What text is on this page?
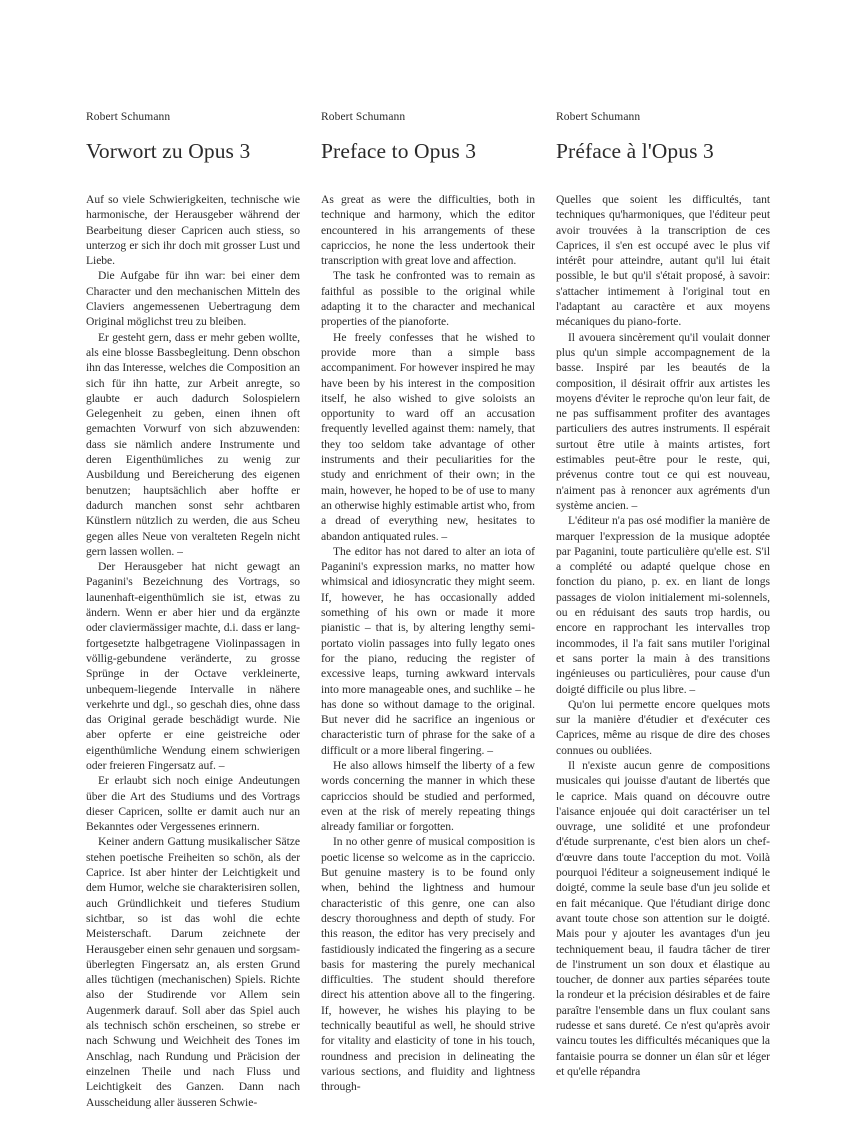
Robert Schumann
Vorwort zu Opus 3

Auf so viele Schwierigkeiten, technische wie harmonische, der Herausgeber während der Bearbeitung dieser Capricen auch stiess, so unterzog er sich ihr doch mit grosser Lust und Liebe.

Die Aufgabe für ihn war: bei einer dem Character und den mechanischen Mitteln des Claviers angemessenen Uebertragung dem Original möglichst treu zu bleiben.

Er gesteht gern, dass er mehr geben wollte, als eine blosse Bassbegleitung. Denn obschon ihn das Interesse, welches die Composition an sich für ihn hatte, zur Arbeit anregte, so glaubte er auch dadurch Solospielern Gelegenheit zu geben, einen ihnen oft gemachten Vorwurf von sich abzuwenden: dass sie nämlich andere Instrumente und deren Eigenthümliches zu wenig zur Ausbildung und Bereicherung des eigenen benutzen; hauptsächlich aber hoffte er dadurch manchen sonst sehr achtbaren Künstlern nützlich zu werden, die aus Scheu gegen alles Neue von veralteten Regeln nicht gern lassen wollen. –

Der Herausgeber hat nicht gewagt an Paganini's Bezeichnung des Vortrags, so launenhaft-eigenthümlich sie ist, etwas zu ändern. Wenn er aber hier und da ergänzte oder claviermässiger machte, d.i. dass er lang-fortgesetzte halbgetragene Violinpassagen in völlig-gebundene veränderte, zu grosse Sprünge in der Octave verkleinerte, unbequem-liegende Intervalle in nähere verkehrte und dgl., so geschah dies, ohne dass das Original gerade beschädigt wurde. Nie aber opferte er eine geistreiche oder eigenthümliche Wendung einem schwierigen oder freieren Fingersatz auf. –

Er erlaubt sich noch einige Andeutungen über die Art des Studiums und des Vortrags dieser Capricen, sollte er damit auch nur an Bekanntes oder Vergessenes erinnern.

Keiner andern Gattung musikalischer Sätze stehen poetische Freiheiten so schön, als der Caprice. Ist aber hinter der Leichtigkeit und dem Humor, welche sie charakterisiren sollen, auch Gründlichkeit und tieferes Studium sichtbar, so ist das wohl die echte Meisterschaft. Darum zeichnete der Herausgeber einen sehr genauen und sorgsam-überlegten Fingersatz an, als ersten Grund alles tüchtigen (mechanischen) Spiels. Richte also der Studirende vor Allem sein Augenmerk darauf. Soll aber das Spiel auch als technisch schön erscheinen, so strebe er nach Schwung und Weichheit des Tones im Anschlag, nach Rundung und Präcision der einzelnen Theile und nach Fluss und Leichtigkeit des Ganzen. Dann nach Ausscheidung aller äusseren Schwie-

Robert Schumann
Preface to Opus 3

As great as were the difficulties, both in technique and harmony, which the editor encountered in his arrangements of these capriccios, he none the less undertook their transcription with great love and affection.

The task he confronted was to remain as faithful as possible to the original while adapting it to the character and mechanical properties of the pianoforte.

He freely confesses that he wished to provide more than a simple bass accompaniment. For however inspired he may have been by his interest in the composition itself, he also wished to give soloists an opportunity to ward off an accusation frequently levelled against them: namely, that they too seldom take advantage of other instruments and their peculiarities for the study and enrichment of their own; in the main, however, he hoped to be of use to many an otherwise highly estimable artist who, from a dread of everything new, hesitates to abandon antiquated rules. –

The editor has not dared to alter an iota of Paganini's expression marks, no matter how whimsical and idiosyncratic they might seem. If, however, he has occasionally added something of his own or made it more pianistic – that is, by altering lengthy semi-portato violin passages into fully legato ones for the piano, reducing the register of excessive leaps, turning awkward intervals into more manageable ones, and suchlike – he has done so without damage to the original. But never did he sacrifice an ingenious or characteristic turn of phrase for the sake of a difficult or a more liberal fingering. –

He also allows himself the liberty of a few words concerning the manner in which these capriccios should be studied and performed, even at the risk of merely repeating things already familiar or forgotten.

In no other genre of musical composition is poetic license so welcome as in the capriccio. But genuine mastery is to be found only when, behind the lightness and humour characteristic of this genre, one can also descry thoroughness and depth of study. For this reason, the editor has very precisely and fastidiously indicated the fingering as a secure basis for mastering the purely mechanical difficulties. The student should therefore direct his attention above all to the fingering. If, however, he wishes his playing to be technically beautiful as well, he should strive for vitality and elasticity of tone in his touch, roundness and precision in delineating the various sections, and fluidity and lightness through-

Robert Schumann
Préface à l'Opus 3

Quelles que soient les difficultés, tant techniques qu'harmoniques, que l'éditeur peut avoir trouvées à la transcription de ces Caprices, il s'en est occupé avec le plus vif intérêt pour atteindre, autant qu'il lui était possible, le but qu'il s'était proposé, à savoir: s'attacher intimement à l'original tout en l'adaptant au caractère et aux moyens mécaniques du piano-forte.

Il avouera sincèrement qu'il voulait donner plus qu'un simple accompagnement de la basse. Inspiré par les beautés de la composition, il désirait offrir aux artistes les moyens d'éviter le reproche qu'on leur fait, de ne pas suffisamment profiter des avantages particuliers des autres instruments. Il espérait surtout être utile à maints artistes, fort estimables peut-être pour le reste, qui, prévenus contre tout ce qui est nouveau, n'aiment pas à renoncer aux agréments d'un système ancien. –

L'éditeur n'a pas osé modifier la manière de marquer l'expression de la musique adoptée par Paganini, toute particulière qu'elle est. S'il a complété ou adapté quelque chose en fonction du piano, p. ex. en liant de longs passages de violon initialement mi-solennels, ou en réduisant des sauts trop hardis, ou encore en rapprochant les intervalles trop incommodes, il l'a fait sans mutiler l'original et sans porter la main à des transitions ingénieuses ou particulières, pour cause d'un doigté difficile ou plus libre. –

Qu'on lui permette encore quelques mots sur la manière d'étudier et d'exécuter ces Caprices, même au risque de dire des choses connues ou oubliées.

Il n'existe aucun genre de compositions musicales qui jouisse d'autant de libertés que le caprice. Mais quand on découvre outre l'aisance enjouée qui doit caractériser un tel ouvrage, une solidité et une profondeur d'étude surprenante, c'est bien alors un chef-d'œuvre dans toute l'acception du mot. Voilà pourquoi l'éditeur a soigneusement indiqué le doigté, comme la seule base d'un jeu solide et en fait mécanique. Que l'étudiant dirige donc avant toute chose son attention sur le doigté. Mais pour y ajouter les avantages d'un jeu techniquement beau, il faudra tâcher de tirer de l'instrument un son doux et élastique au toucher, de donner aux parties séparées toute la rondeur et la précision désirables et de faire paraître l'ensemble dans un flux coulant sans rudesse et sans dureté. Ce n'est qu'après avoir vaincu toutes les difficultés mécaniques que la fantaisie pourra se donner un élan sûr et léger et qu'elle répandra
